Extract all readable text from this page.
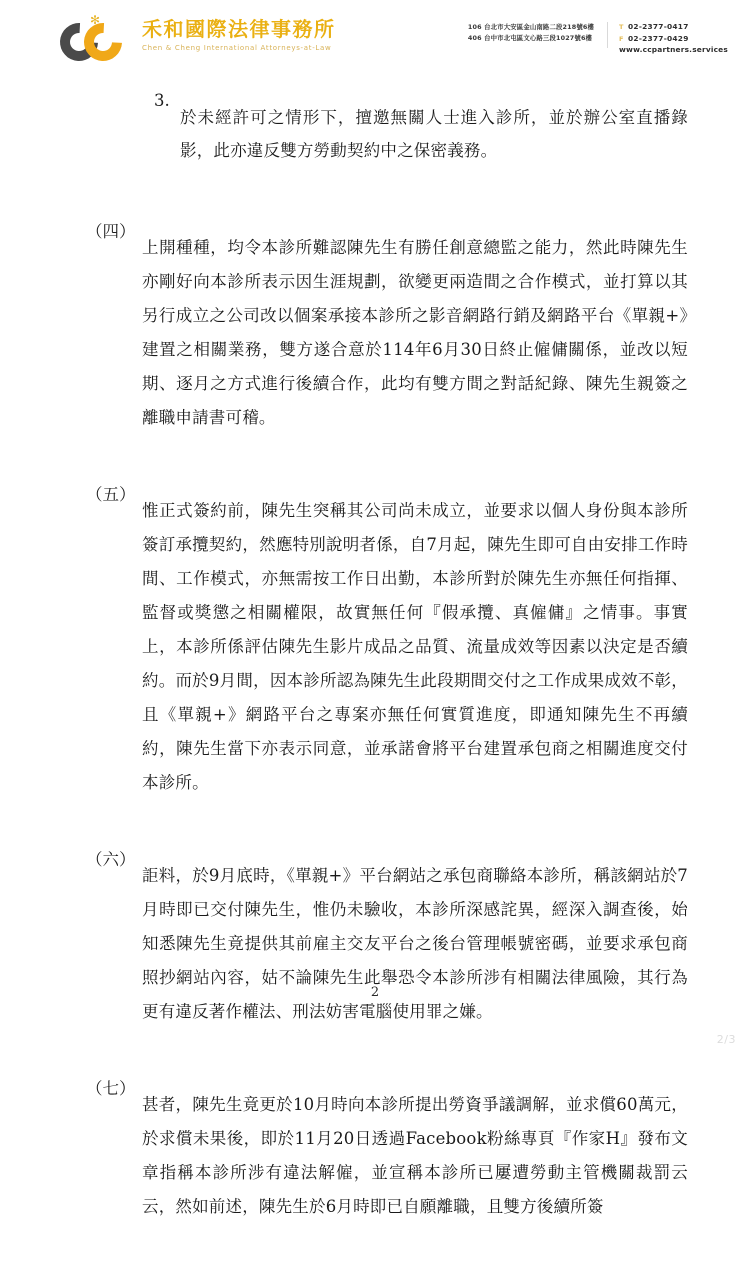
✻ 禾和國際法律事務所
Chen & Cheng International Attorneys-at-Law
106 台北市大安區金山南路二段218號6樓
406 台中市北屯區文心路三段1027號6樓
T 02-2377-0417
F 02-2377-0429
www.ccpartners.services
3.

於未經許可之情形下，擅邀無關人士進入診所，並於辦公室直播錄影，此亦違反雙方勞動契約中之保密義務。

（四）

上開種種，均令本診所難認陳先生有勝任創意總監之能力，然此時陳先生亦剛好向本診所表示因生涯規劃，欲變更兩造間之合作模式，並打算以其另行成立之公司改以個案承接本診所之影音網路行銷及網路平台《單親+》建置之相關業務，雙方遂合意於114年6月30日終止僱傭關係，並改以短期、逐月之方式進行後續合作，此均有雙方間之對話紀錄、陳先生親簽之離職申請書可稽。

（五）

惟正式簽約前，陳先生突稱其公司尚未成立，並要求以個人身份與本診所簽訂承攬契約，然應特別說明者係，自7月起，陳先生即可自由安排工作時間、工作模式，亦無需按工作日出勤，本診所對於陳先生亦無任何指揮、監督或獎懲之相關權限，故實無任何『假承攬、真僱傭』之情事。事實上，本診所係評估陳先生影片成品之品質、流量成效等因素以決定是否續約。而於9月間，因本診所認為陳先生此段期間交付之工作成果成效不彰，且《單親+》網路平台之專案亦無任何實質進度，即通知陳先生不再續約，陳先生當下亦表示同意，並承諾會將平台建置承包商之相關進度交付本診所。

（六）

詎料，於9月底時，《單親+》平台網站之承包商聯絡本診所，稱該網站於7月時即已交付陳先生，惟仍未驗收，本診所深感詫異，經深入調查後，始知悉陳先生竟提供其前雇主交友平台之後台管理帳號密碼，並要求承包商照抄網站內容，姑不論陳先生此舉恐令本診所涉有相關法律風險，其行為更有違反著作權法、刑法妨害電腦使用罪之嫌。

（七）

甚者，陳先生竟更於10月時向本診所提出勞資爭議調解，並求償60萬元，於求償未果後，即於11月20日透過Facebook粉絲專頁『作家H』發布文章指稱本診所涉有違法解僱，並宣稱本診所已屢遭勞動主管機關裁罰云云，然如前述，陳先生於6月時即已自願離職，且雙方後續所簽

2
2/3
